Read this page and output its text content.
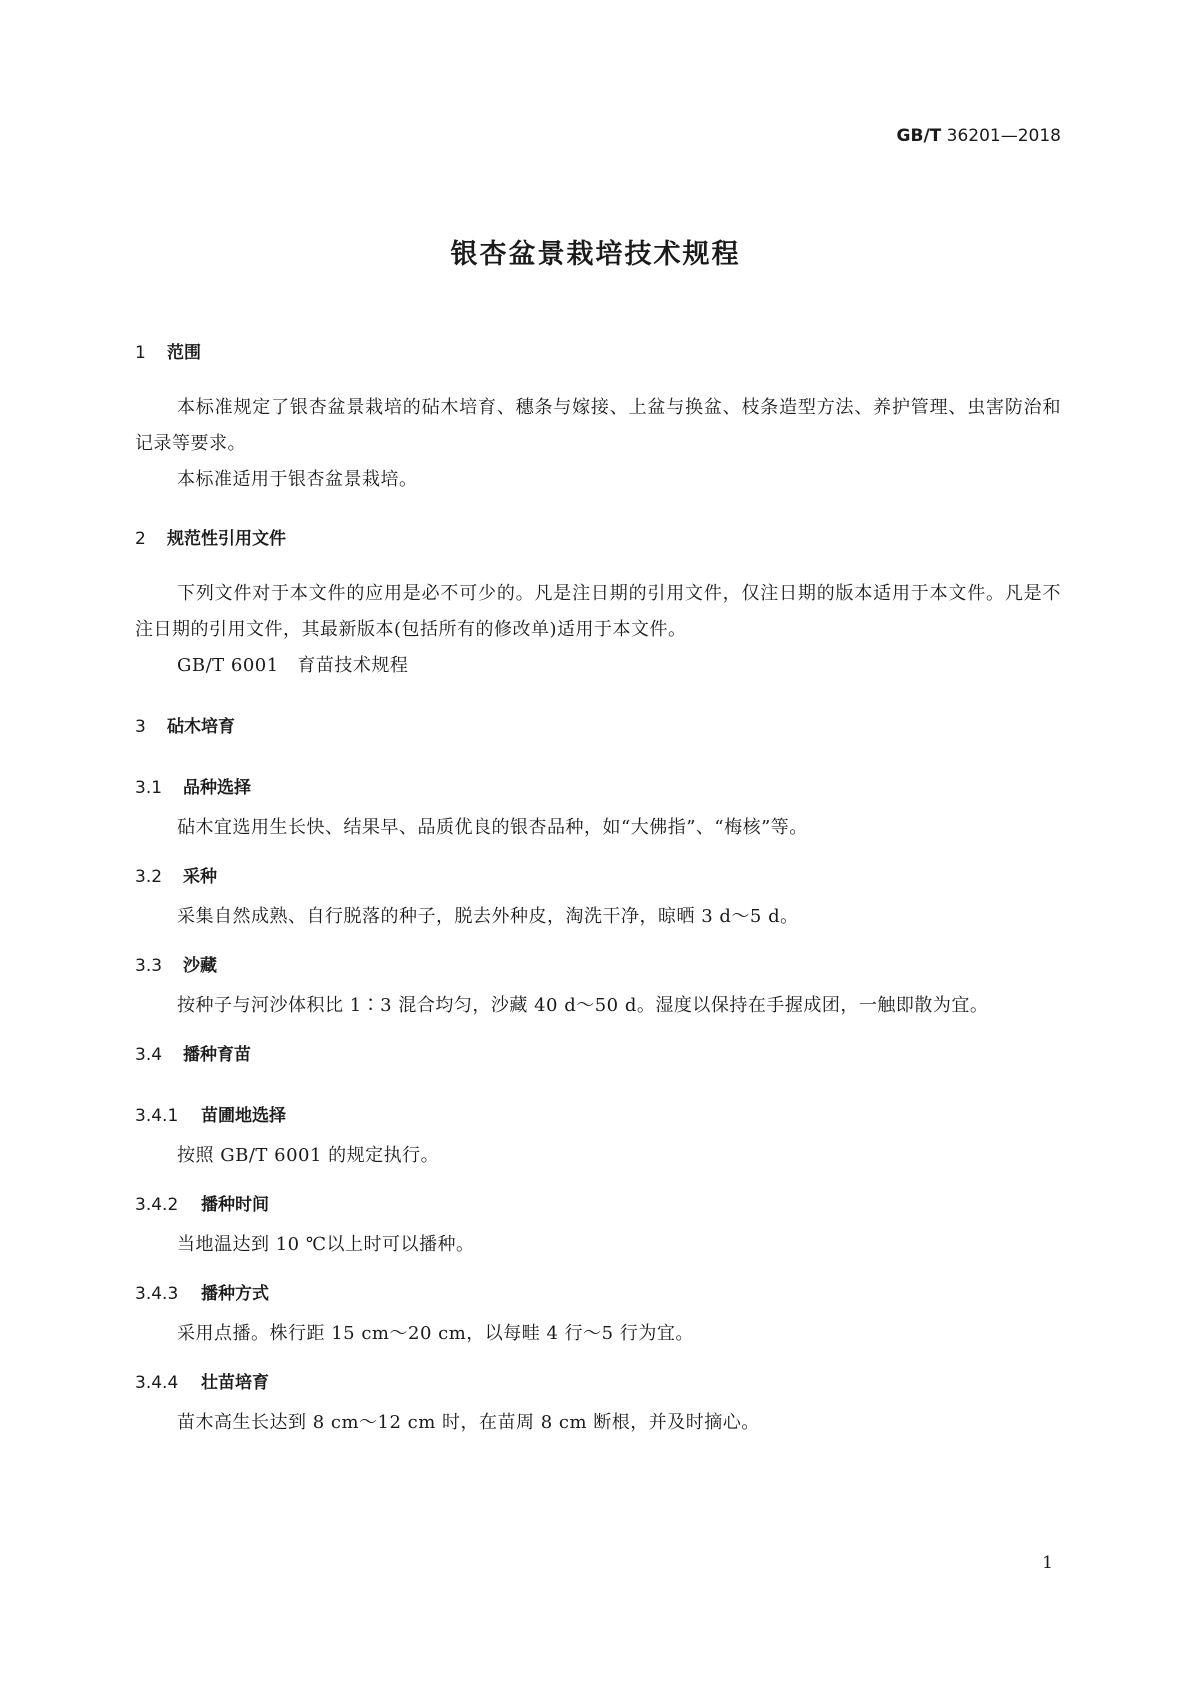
GB/T 36201—2018
银杏盆景栽培技术规程
1 范围
本标准规定了银杏盆景栽培的砧木培育、穗条与嫁接、上盆与换盆、枝条造型方法、养护管理、虫害防治和记录等要求。
本标准适用于银杏盆景栽培。
2 规范性引用文件
下列文件对于本文件的应用是必不可少的。凡是注日期的引用文件，仅注日期的版本适用于本文件。凡是不注日期的引用文件，其最新版本(包括所有的修改单)适用于本文件。
GB/T 6001 育苗技术规程
3 砧木培育
3.1 品种选择
砧木宜选用生长快、结果早、品质优良的银杏品种，如“大佛指”、“梅核”等。
3.2 采种
采集自然成熟、自行脱落的种子，脱去外种皮，淘洗干净，晾晒 3 d～5 d。
3.3 沙藏
按种子与河沙体积比 1∶3 混合均匀，沙藏 40 d～50 d。湿度以保持在手握成团，一触即散为宜。
3.4 播种育苗
3.4.1 苗圃地选择
按照 GB/T 6001 的规定执行。
3.4.2 播种时间
当地温达到 10 ℃以上时可以播种。
3.4.3 播种方式
采用点播。株行距 15 cm～20 cm，以每畦 4 行～5 行为宜。
3.4.4 壮苗培育
苗木高生长达到 8 cm～12 cm 时，在苗周 8 cm 断根，并及时摘心。
1
